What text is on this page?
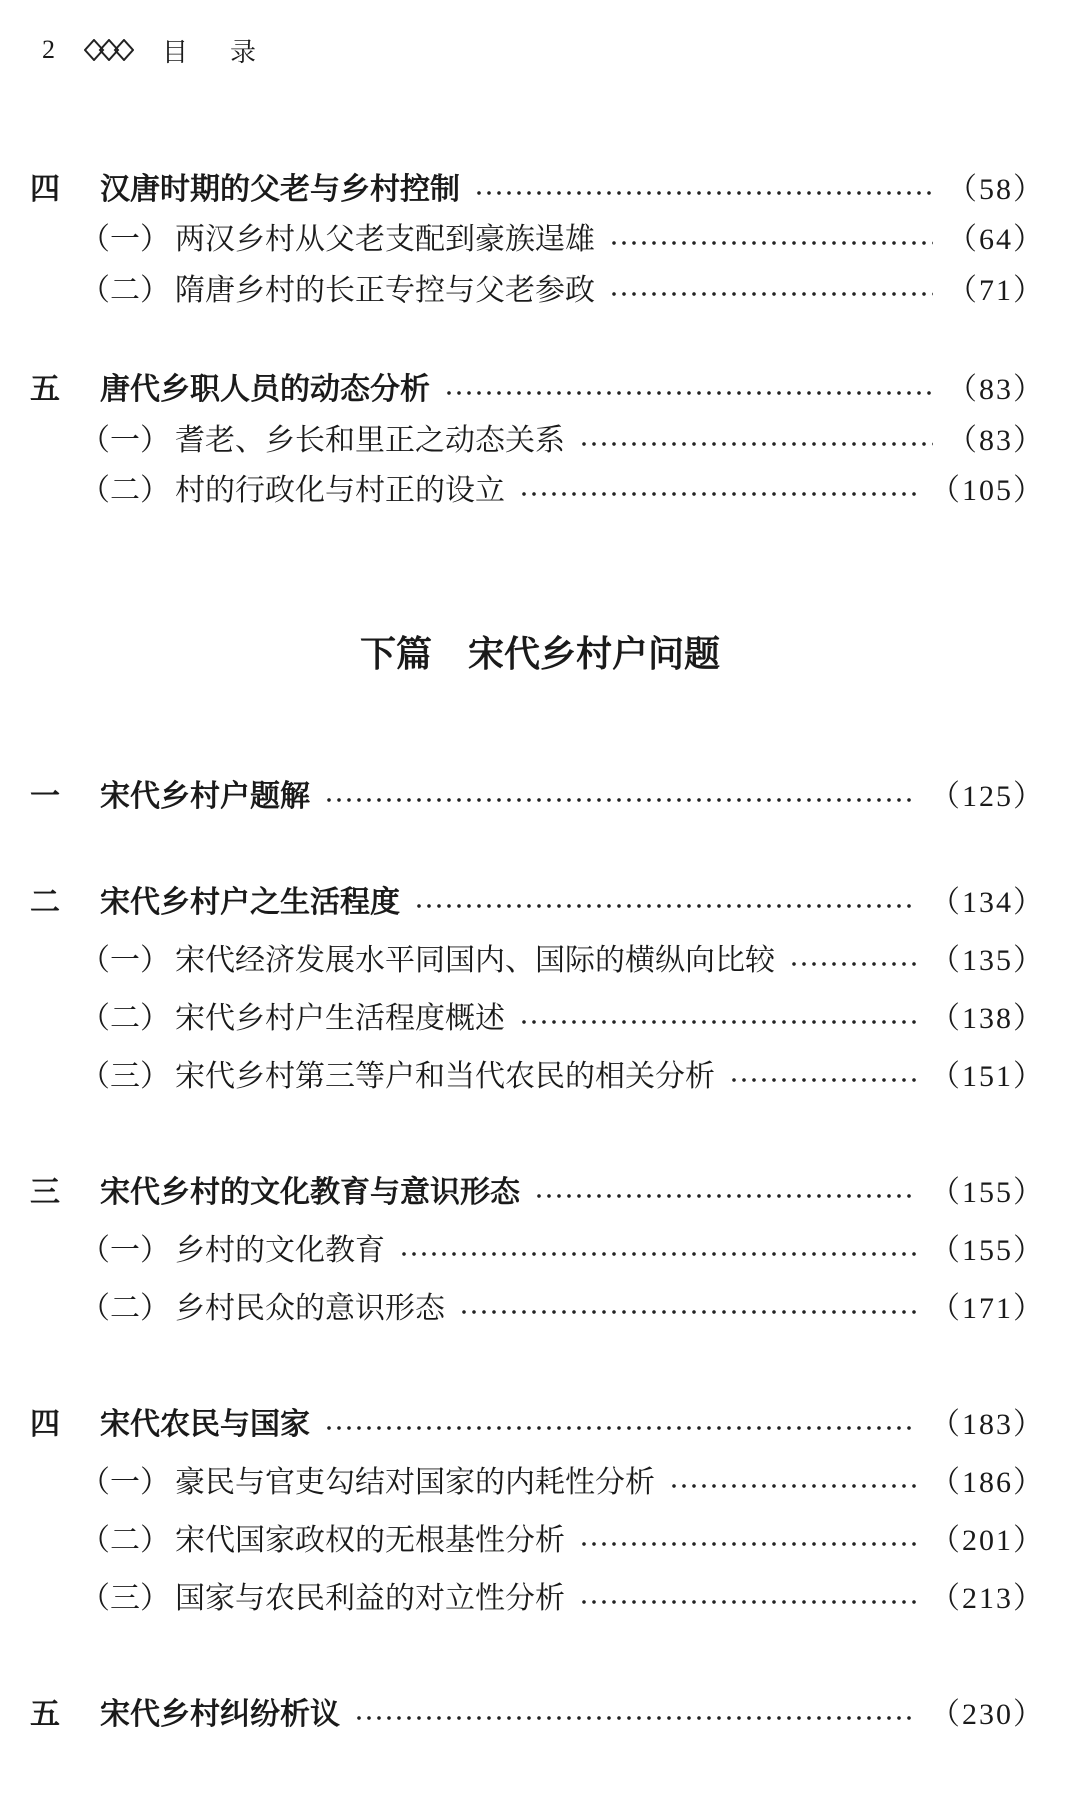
2	目录
四	汉唐时期的父老与乡村控制	（58）
（一） 两汉乡村从父老支配到豪族逞雄	（64）
（二） 隋唐乡村的长正专控与父老参政	（71）
五	唐代乡职人员的动态分析	（83）
（一） 耆老、乡长和里正之动态关系	（83）
（二） 村的行政化与村正的设立	（105）
下篇 宋代乡村户问题
一	宋代乡村户题解	（125）
二	宋代乡村户之生活程度	（134）
（一） 宋代经济发展水平同国内、国际的横纵向比较	（135）
（二） 宋代乡村户生活程度概述	（138）
（三） 宋代乡村第三等户和当代农民的相关分析	（151）
三	宋代乡村的文化教育与意识形态	（155）
（一） 乡村的文化教育	（155）
（二） 乡村民众的意识形态	（171）
四	宋代农民与国家	（183）
（一） 豪民与官吏勾结对国家的内耗性分析	（186）
（二） 宋代国家政权的无根基性分析	（201）
（三） 国家与农民利益的对立性分析	（213）
五	宋代乡村纠纷析议	（230）
